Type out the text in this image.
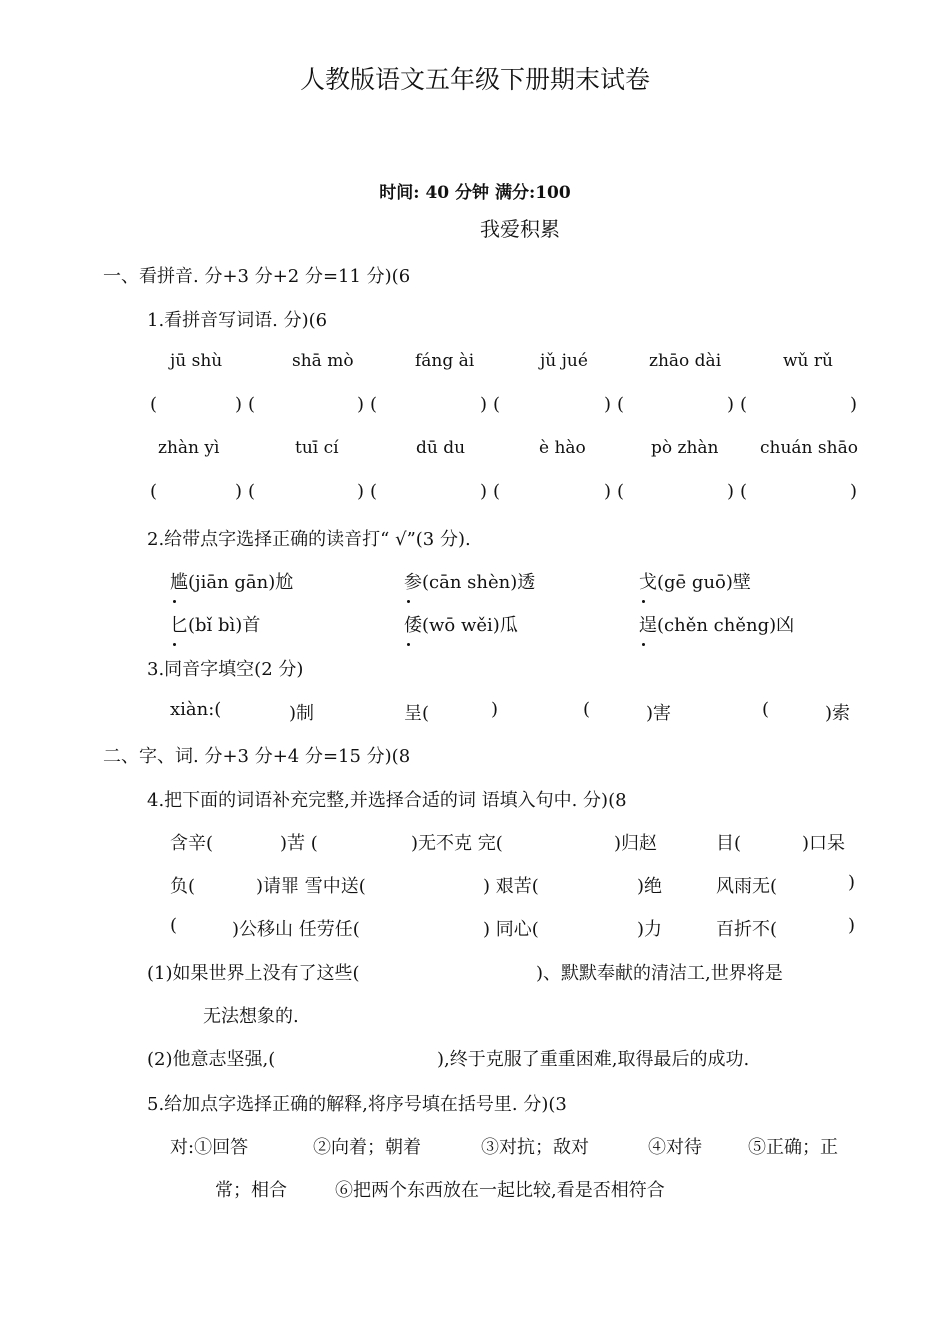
人教版语文五年级下册期末试卷
时间: 40 分钟 满分:100
我爱积累
一、看拼音. 分+3 分+2 分=11 分)(6
1.看拼音写词语. 分)(6
jū shù	shā mò	fáng ài	jǔ jué	zhāo dài	wǔ rǔ
(	) (	) (	) (	) (	) (	)
zhàn yì	tuī cí	dū du	è hào	pò zhàn chuán shāo
(	) (	) (	) (	) (	) (	)
2.给带点字选择正确的读音打“ √”(3 分).
尴(jiān gān)尬	参(cān shèn)透	戈(gē guō)壁
匕(bǐ bì)首	倭(wō wěi)瓜	逞(chěn chěng)凶
3.同音字填空(2 分)
xiàn:(	)制	呈(	)	(	)害	(	)索
二、字、词. 分+3 分+4 分=15 分)(8
4.把下面的词语补充完整,并选择合适的词 语填入句中. 分)(8
含辛(	)苦 (	)无不克 完(	)归赵	目(	)口呆
负(	)请罪 雪中送(	) 艰苦(	)绝	风雨无(	)
(	)公移山 任劳任(	) 同心(	)力	百折不(	)
(1)如果世界上没有了这些(	)、默默奉献的清洁工,世界将是
无法想象的.
(2)他意志坚强,(	),终于克服了重重困难,取得最后的成功.
5.给加点字选择正确的解释,将序号填在括号里. 分)(3
对:①回答	②向着；朝着	③对抗；敌对	④对待	⑤正确；正
常；相合	⑥把两个东西放在一起比较,看是否相符合
